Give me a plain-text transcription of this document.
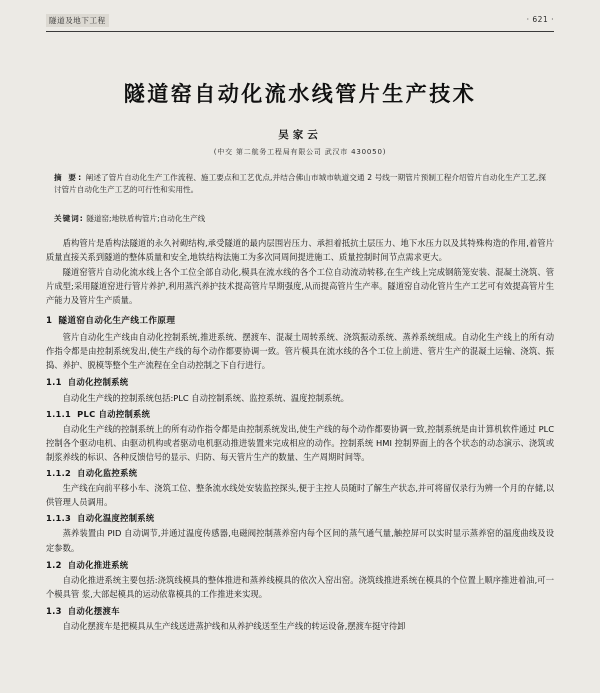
隧道及地下工程	· 621 ·
隧道窑自动化流水线管片生产技术
吴家云
(中交 第二航务工程局有限公司 武汉市 430050)
摘 要: 阐述了管片自动化生产工作流程、施工要点和工艺优点,并结合佛山市城市轨道交通 2 号线一期管片预制工程介绍管片自动化生产工艺,探讨管片自动化生产工艺的可行性和实用性。
关键词: 隧道窑;地铁盾构管片;自动化生产线

盾构管片是盾构法隧道的永久衬砌结构,承受隧道的最内层围岩压力、承担着抵抗土层压力、地下水压力以及其特殊构造的作用,着管片质量直接关系到隧道的整体质量和安全,地铁结构法施工为多次同周间提进施工、质量控制时间节点需求更大。

隧道窑管片自动化流水线上各个工位全部自动化,模具在流水线的各个工位自动流动转移,在生产线上完成钢筋笼安装、混凝土浇筑、管片成型;采用隧道窑进行管片养护,利用蒸汽养护技术提高管片早期强度,从而提高管片生产率。隧道窑自动化管片生产工艺可有效提高管片生产能力及管片生产质量。

1 隧道窑自动化生产线工作原理

管片自动化生产线由自动化控制系统,推进系统、摆渡车、混凝土周转系统、浇筑振动系统、蒸养系统组成。自动化生产线上的所有动作指令都是由控制系统发出,使生产线的每个动作都要协调一致。管片模具在流水线的各个工位上前进、管片生产的混凝土运输、浇筑、振捣、养护、脱模等整个生产流程在全自动控制之下自行进行。

1.1 自动化控制系统

自动化生产线的控制系统包括:PLC 自动控制系统、监控系统、温度控制系统。

1.1.1 PLC 自动控制系统

自动化生产线的控制系统上的所有动作指令都是由控制系统发出,使生产线的每个动作都要协调一致,控制系统是由计算机软件通过 PLC 控制各个驱动电机、由驱动机构或者驱动电机驱动推进装置来完成相应的动作。控制系统 HMI 控制界面上的各个状态的动态演示、浇筑或制浆养线的标识、各种反馈信号的显示、归防、每天管片生产的数量、生产周期时间等。

1.1.2 自动化监控系统

生产线在向前平移小车、浇筑工位、整条流水线处安装监控探头,便于主控人员随时了解生产状态,并可将留仅录行为辨一个月的存储,以供管理人员调用。

1.1.3 自动化温度控制系统

蒸养装置由 PID 自动调节,并通过温度传感器,电磁阀控制蒸养窑内每个区间的蒸气通气量,触控屏可以实时显示蒸养窑的温度曲线及设定参数。

1.2 自动化推进系统

自动化推进系统主要包括:浇筑线模具的整体推进和蒸养线模具的依次入窑出窑。浇筑线推进系统在模具的个位置上顺序推进着油,可一个模具管 浆,大部起模具的运动依靠模具的工作推进来实现。

1.3 自动化摆渡车

自动化摆渡车是把模具从生产线送进蒸护线和从养护线送至生产线的转运设备,摆渡车挺守待卸
